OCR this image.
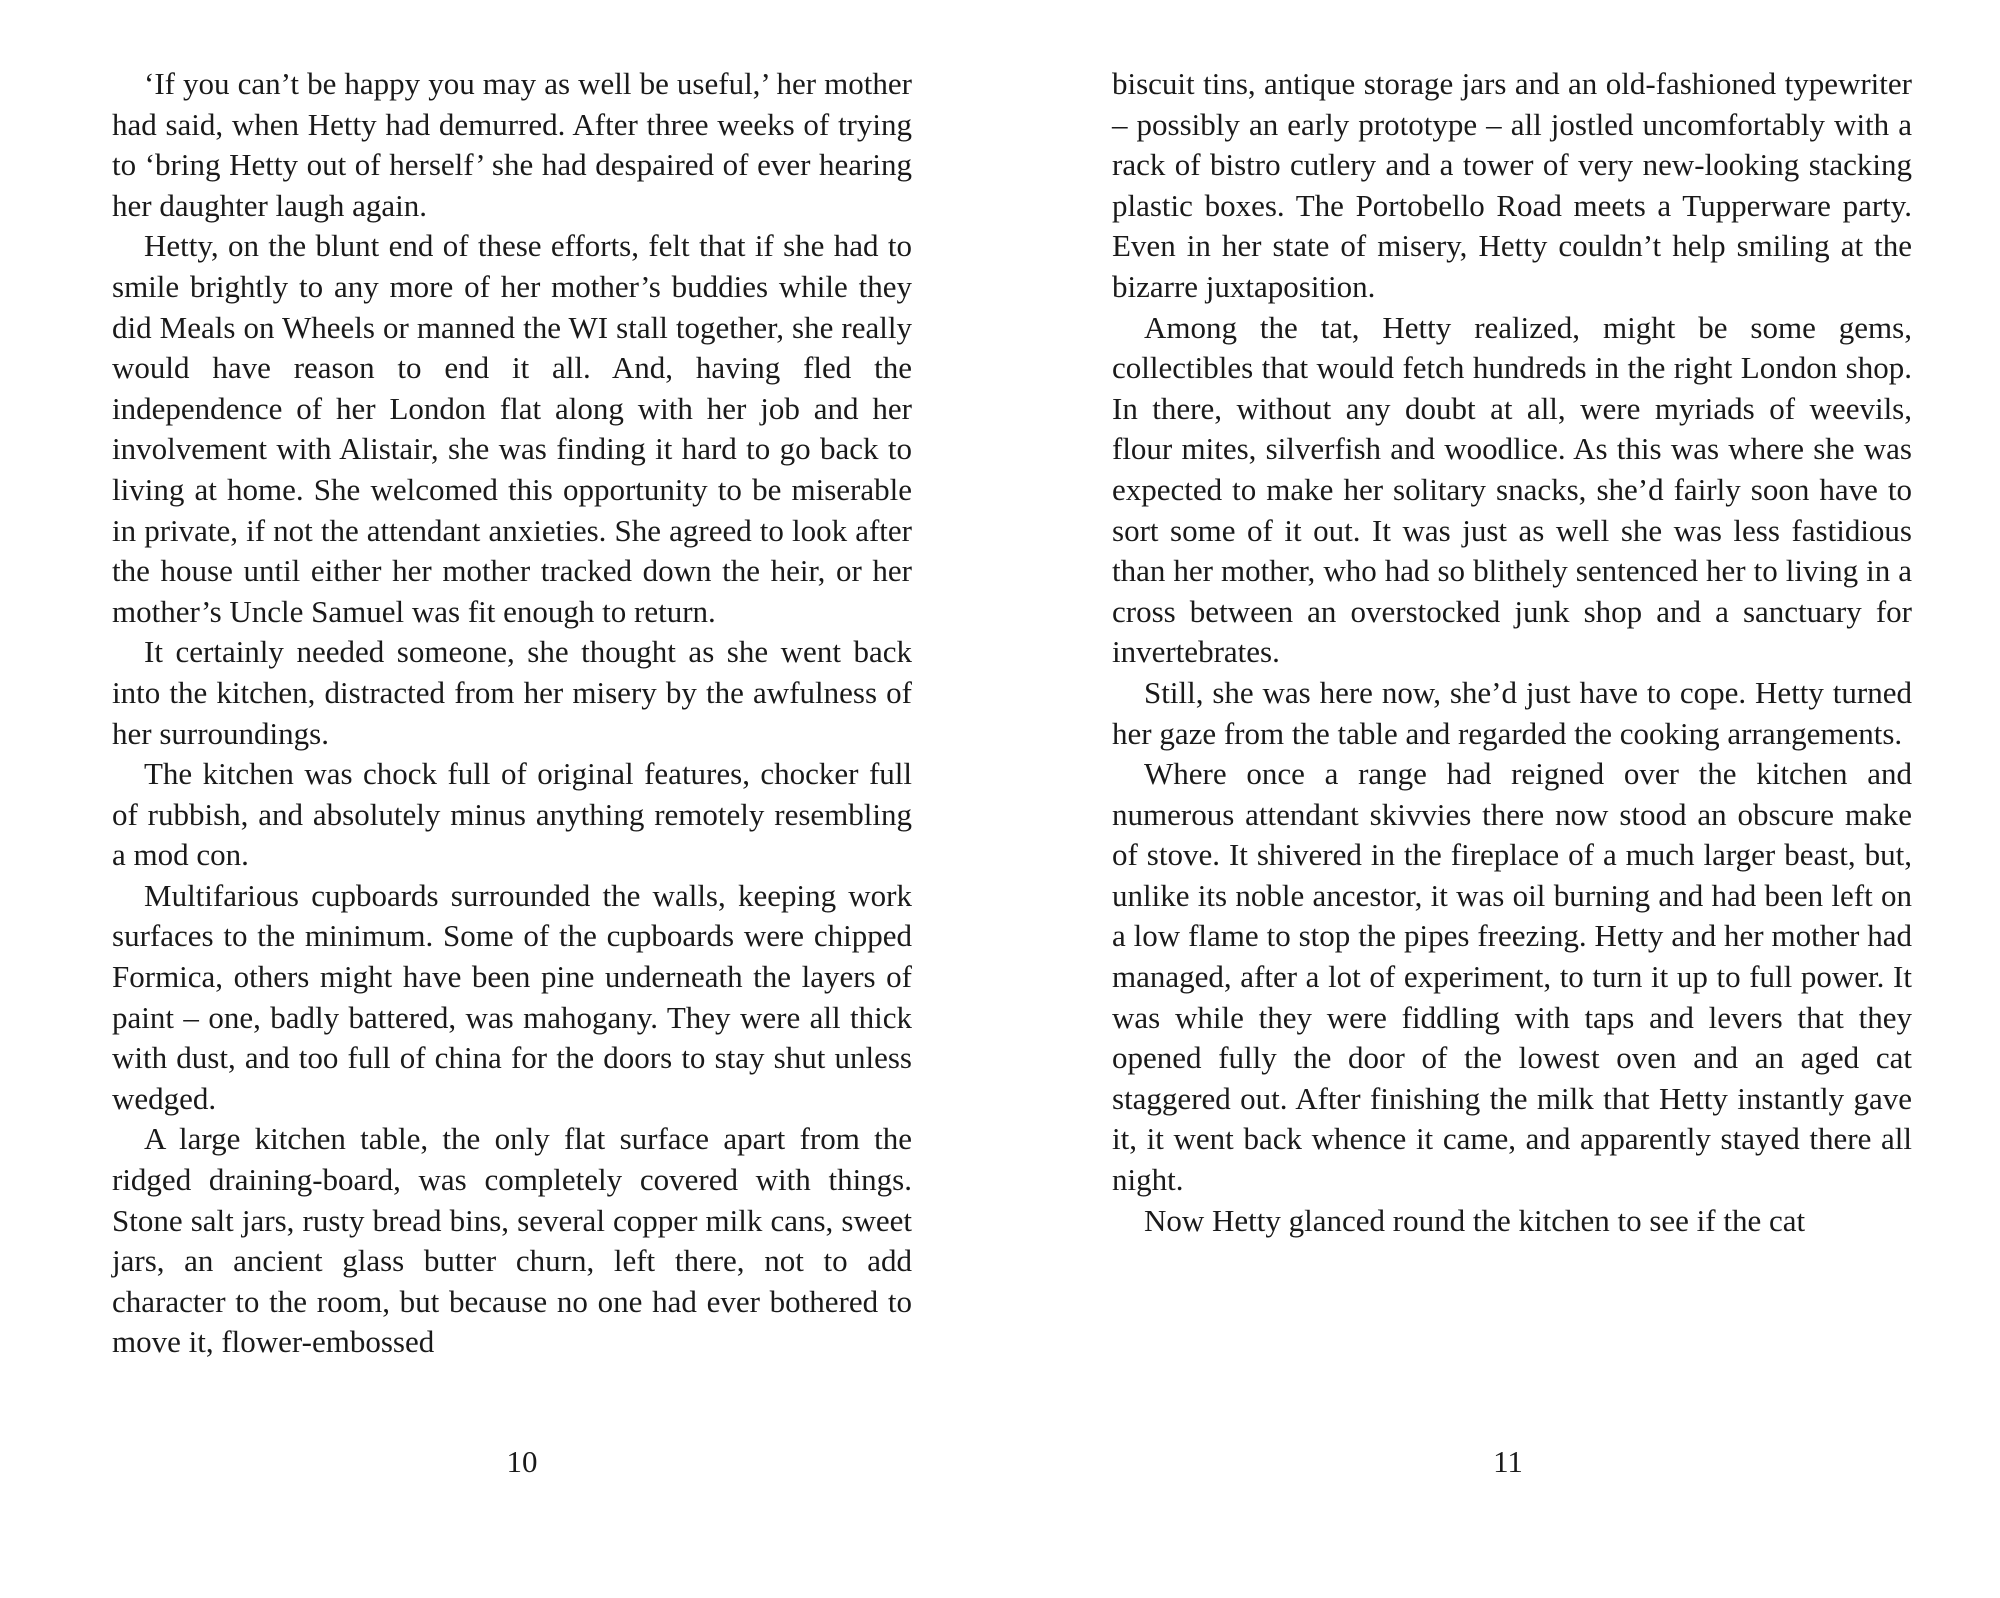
‘If you can’t be happy you may as well be useful,’ her mother had said, when Hetty had demurred. After three weeks of trying to ‘bring Hetty out of herself’ she had despaired of ever hearing her daughter laugh again.

Hetty, on the blunt end of these efforts, felt that if she had to smile brightly to any more of her mother’s buddies while they did Meals on Wheels or manned the WI stall together, she really would have reason to end it all. And, having fled the independence of her London flat along with her job and her involvement with Alistair, she was finding it hard to go back to living at home. She welcomed this opportunity to be miserable in private, if not the attendant anxieties. She agreed to look after the house until either her mother tracked down the heir, or her mother’s Uncle Samuel was fit enough to return.

It certainly needed someone, she thought as she went back into the kitchen, distracted from her misery by the awfulness of her surroundings.

The kitchen was chock full of original features, chocker full of rubbish, and absolutely minus anything remotely resembling a mod con.

Multifarious cupboards surrounded the walls, keeping work surfaces to the minimum. Some of the cupboards were chipped Formica, others might have been pine underneath the layers of paint – one, badly battered, was mahogany. They were all thick with dust, and too full of china for the doors to stay shut unless wedged.

A large kitchen table, the only flat surface apart from the ridged draining-board, was completely covered with things. Stone salt jars, rusty bread bins, several copper milk cans, sweet jars, an ancient glass butter churn, left there, not to add character to the room, but because no one had ever bothered to move it, flower-embossed

10

biscuit tins, antique storage jars and an old-fashioned typewriter – possibly an early prototype – all jostled uncomfortably with a rack of bistro cutlery and a tower of very new-looking stacking plastic boxes. The Portobello Road meets a Tupperware party. Even in her state of misery, Hetty couldn’t help smiling at the bizarre juxtaposition.

Among the tat, Hetty realized, might be some gems, collectibles that would fetch hundreds in the right London shop. In there, without any doubt at all, were myriads of weevils, flour mites, silverfish and woodlice. As this was where she was expected to make her solitary snacks, she’d fairly soon have to sort some of it out. It was just as well she was less fastidious than her mother, who had so blithely sentenced her to living in a cross between an overstocked junk shop and a sanctuary for invertebrates.

Still, she was here now, she’d just have to cope. Hetty turned her gaze from the table and regarded the cooking arrangements.

Where once a range had reigned over the kitchen and numerous attendant skivvies there now stood an obscure make of stove. It shivered in the fireplace of a much larger beast, but, unlike its noble ancestor, it was oil burning and had been left on a low flame to stop the pipes freezing. Hetty and her mother had managed, after a lot of experiment, to turn it up to full power. It was while they were fiddling with taps and levers that they opened fully the door of the lowest oven and an aged cat staggered out. After finishing the milk that Hetty instantly gave it, it went back whence it came, and apparently stayed there all night.

Now Hetty glanced round the kitchen to see if the cat

11
